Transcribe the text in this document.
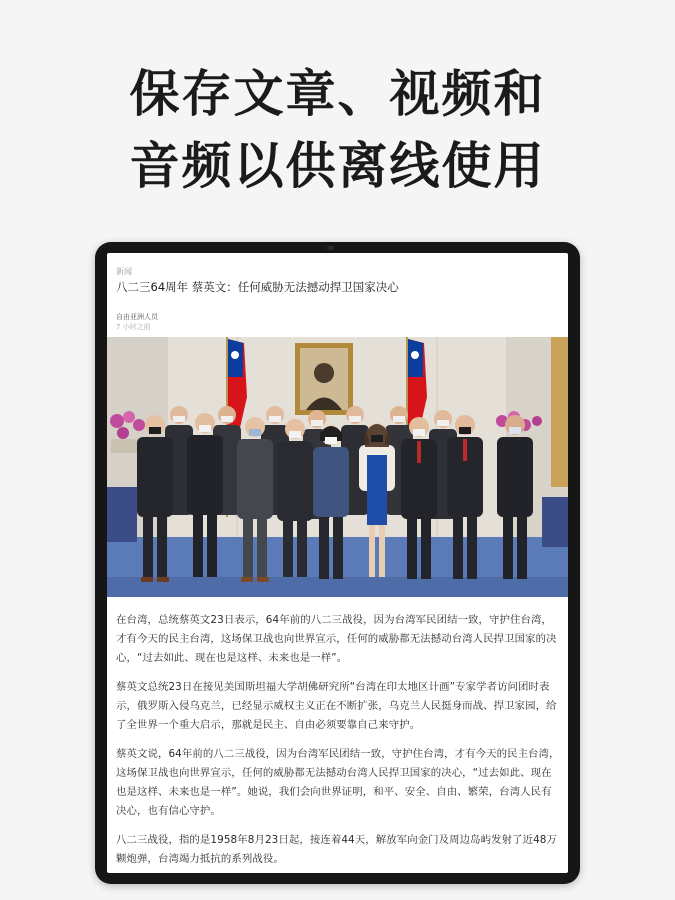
保存文章、视频和
音频以供离线使用
新闻
八二三64周年 蔡英文：任何威胁无法撼动捍卫国家决心
自由亚洲人员
7 小时之前

在台湾，总统蔡英文23日表示，64年前的八二三战役，因为台湾军民团结一致，守护住台湾，才有今天的民主台湾，这场保卫战也向世界宣示，任何的威胁都无法撼动台湾人民捍卫国家的决心，“过去如此、现在也是这样、未来也是一样”。

蔡英文总统23日在接见美国斯坦福大学胡佛研究所“台湾在印太地区计画”专家学者访问团时表示，俄罗斯入侵乌克兰，已经显示威权主义正在不断扩张，乌克兰人民挺身而战、捍卫家园，给了全世界一个重大启示，那就是民主、自由必须要靠自己来守护。

蔡英文说，64年前的八二三战役，因为台湾军民团结一致，守护住台湾，才有今天的民主台湾，这场保卫战也向世界宣示，任何的威胁都无法撼动台湾人民捍卫国家的决心，“过去如此、现在也是这样、未来也是一样”。她说，我们会向世界证明，和平、安全、自由、繁荣，台湾人民有决心，也有信心守护。

八二三战役，指的是1958年8月23日起，接连着44天，解放军向金门及周边岛屿发射了近48万颗炮弹，台湾竭力抵抗的系列战役。
